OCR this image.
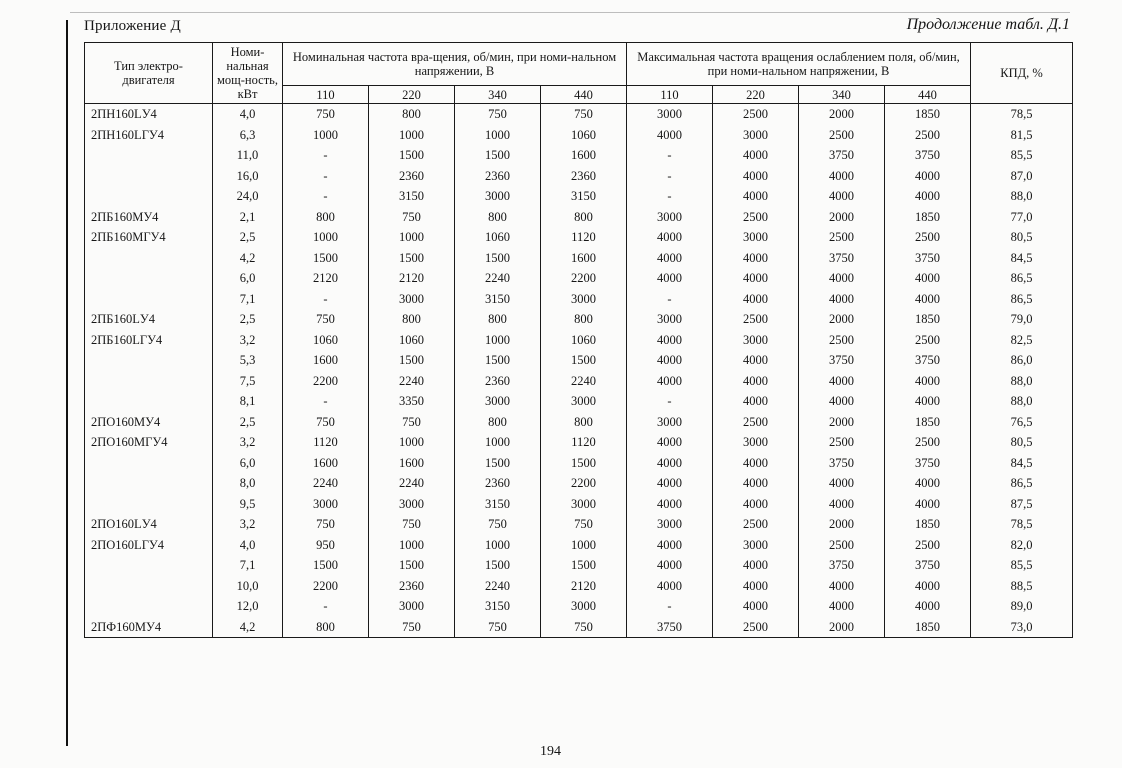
Приложение Д	Продолжение табл. Д.1
Тип электро-двигателя	Номи-нальная мощ-ность, кВт	Номинальная частота вра-щения, об/мин, при номи-нальном напряжении, В				Максимальная частота вращения ослаблением поля, об/мин, при номи-нальном напряжении, В				КПД, %
		110	220	340	440	110	220	340	440	
2ПН160LУ4	4,0	750	800	750	750	3000	2500	2000	1850	78,5
2ПН160LГУ4	6,3	1000	1000	1000	1060	4000	3000	2500	2500	81,5
	11,0	-	1500	1500	1600	-	4000	3750	3750	85,5
	16,0	-	2360	2360	2360	-	4000	4000	4000	87,0
	24,0	-	3150	3000	3150	-	4000	4000	4000	88,0
2ПБ160МУ4	2,1	800	750	800	800	3000	2500	2000	1850	77,0
2ПБ160МГУ4	2,5	1000	1000	1060	1120	4000	3000	2500	2500	80,5
	4,2	1500	1500	1500	1600	4000	4000	3750	3750	84,5
	6,0	2120	2120	2240	2200	4000	4000	4000	4000	86,5
	7,1	-	3000	3150	3000	-	4000	4000	4000	86,5
2ПБ160LУ4	2,5	750	800	800	800	3000	2500	2000	1850	79,0
2ПБ160LГУ4	3,2	1060	1060	1000	1060	4000	3000	2500	2500	82,5
	5,3	1600	1500	1500	1500	4000	4000	3750	3750	86,0
	7,5	2200	2240	2360	2240	4000	4000	4000	4000	88,0
	8,1	-	3350	3000	3000	-	4000	4000	4000	88,0
2ПО160МУ4	2,5	750	750	800	800	3000	2500	2000	1850	76,5
2ПО160МГУ4	3,2	1120	1000	1000	1120	4000	3000	2500	2500	80,5
	6,0	1600	1600	1500	1500	4000	4000	3750	3750	84,5
	8,0	2240	2240	2360	2200	4000	4000	4000	4000	86,5
	9,5	3000	3000	3150	3000	4000	4000	4000	4000	87,5
2ПО160LУ4	3,2	750	750	750	750	3000	2500	2000	1850	78,5
2ПО160LГУ4	4,0	950	1000	1000	1000	4000	3000	2500	2500	82,0
	7,1	1500	1500	1500	1500	4000	4000	3750	3750	85,5
	10,0	2200	2360	2240	2120	4000	4000	4000	4000	88,5
	12,0	-	3000	3150	3000	-	4000	4000	4000	89,0
2ПФ160МУ4	4,2	800	750	750	750	3750	2500	2000	1850	73,0
194
